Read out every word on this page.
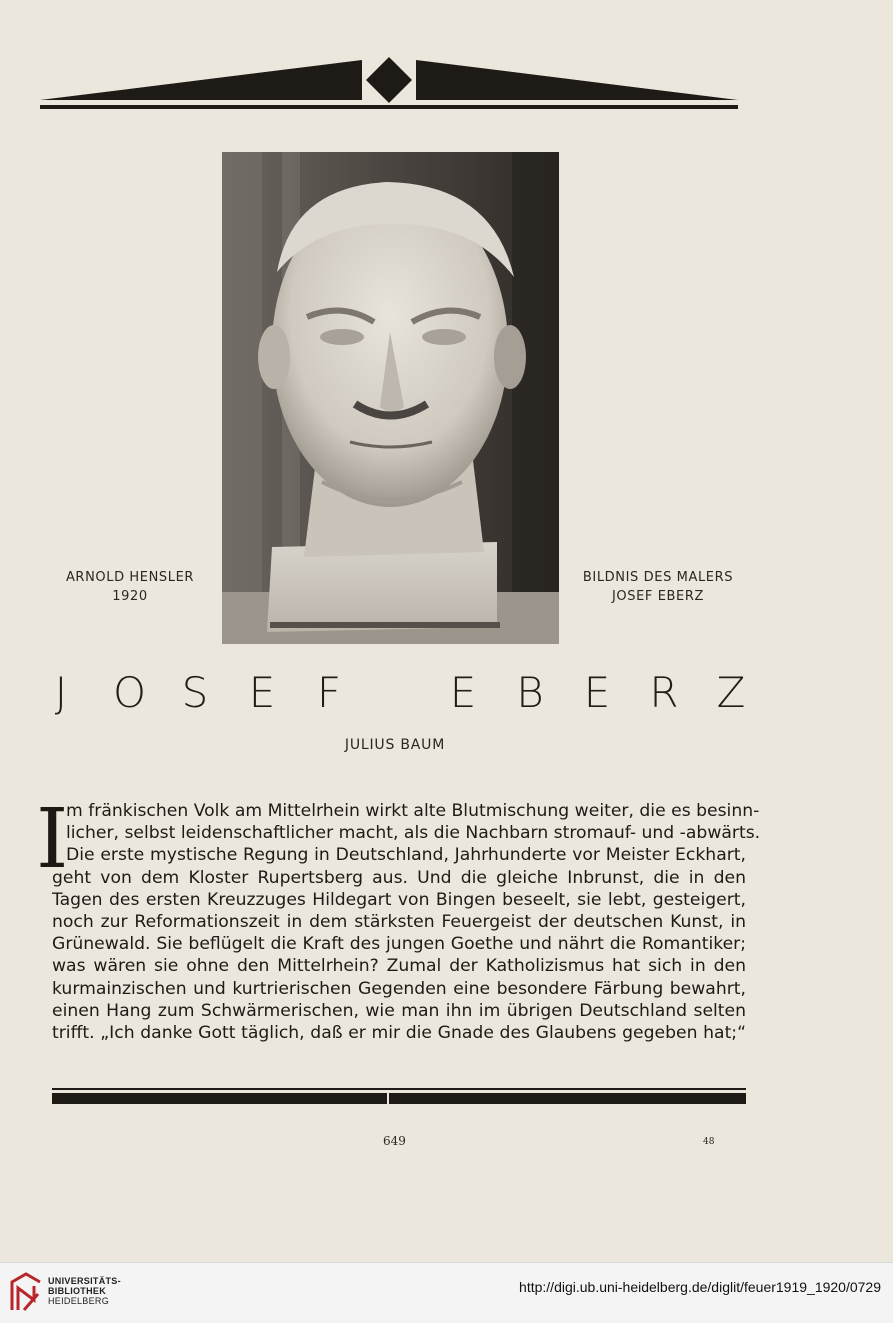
ARNOLD HENSLER
1920
BILDNIS DES MALERS
JOSEF EBERZ
J O S E F	E B E R Z
JULIUS BAUM
I
m fränkischen Volk am Mittelrhein wirkt alte Blutmischung weiter, die es besinn-
licher, selbst leidenschaftlicher macht, als die Nachbarn stromauf- und -abwärts.
Die erste mystische Regung in Deutschland, Jahrhunderte vor Meister Eckhart,
geht von dem Kloster Rupertsberg aus. Und die gleiche Inbrunst, die in den
Tagen des ersten Kreuzzuges Hildegart von Bingen beseelt, sie lebt, gesteigert,
noch zur Reformationszeit in dem stärksten Feuergeist der deutschen Kunst, in
Grünewald. Sie beflügelt die Kraft des jungen Goethe und nährt die Romantiker;
was wären sie ohne den Mittelrhein? Zumal der Katholizismus hat sich in den
kurmainzischen und kurtrierischen Gegenden eine besondere Färbung bewahrt,
einen Hang zum Schwärmerischen, wie man ihn im übrigen Deutschland selten
trifft. „Ich danke Gott täglich, daß er mir die Gnade des Glaubens gegeben hat;“
649	48
UNIVERSITÄTS-
BIBLIOTHEK
HEIDELBERG
http://digi.ub.uni-heidelberg.de/diglit/feuer1919_1920/0729
